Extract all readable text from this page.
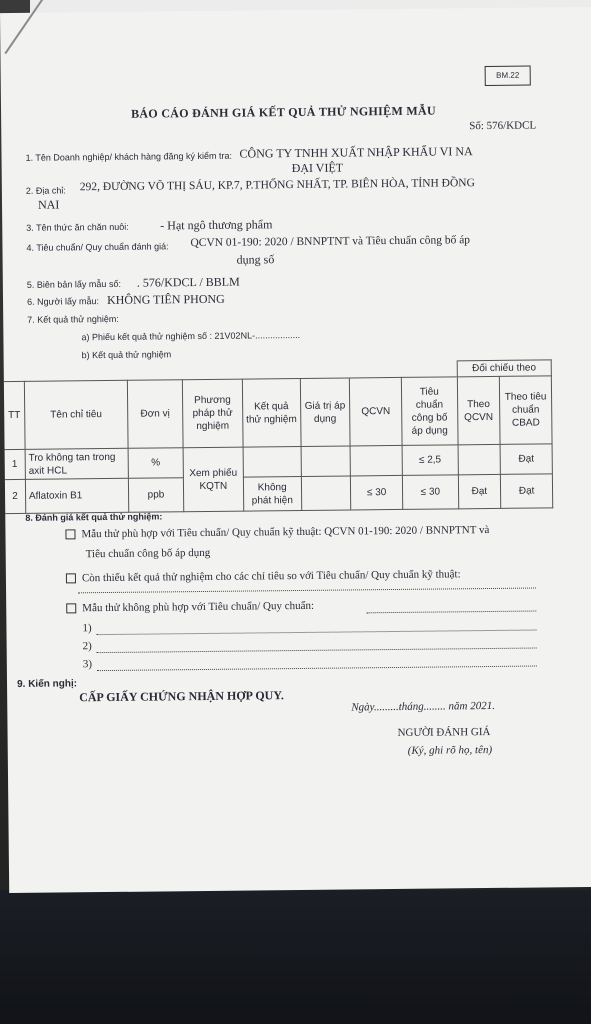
BM.22
BÁO CÁO ĐÁNH GIÁ KẾT QUẢ THỬ NGHIỆM MẪU
Số: 576/KDCL
1. Tên Doanh nghiệp/ khách hàng đăng ký kiểm tra: CÔNG TY TNHH XUẤT NHẬP KHẨU VI NA
ĐẠI VIỆT
2. Địa chỉ: 292, ĐƯỜNG VÕ THỊ SÁU, KP.7, P.THỐNG NHẤT, TP. BIÊN HÒA, TỈNH ĐỒNG
NAI
3. Tên thức ăn chăn nuôi:	- Hạt ngô thương phẩm
4. Tiêu chuẩn/ Quy chuẩn đánh giá: QCVN 01-190: 2020 / BNNPTNT và Tiêu chuẩn công bố áp
dụng số
5. Biên bản lấy mẫu số: . 576/KDCL / BBLM
6. Người lấy mẫu: KHÔNG TIÊN PHONG
7. Kết quả thử nghiệm:
a) Phiếu kết quả thử nghiệm số : 21V02NL-..................
b) Kết quả thử nghiệm
								Đối chiếu theo	
TT	Tên chỉ tiêu	Đơn vị	Phương pháp thử nghiệm	Kết quả thử nghiệm	Giá trị áp dụng	QCVN	Tiêu chuẩn công bố áp dụng	Theo QCVN	Theo tiêu chuẩn CBAD
1	Tro không tan trong axit HCL	%	Xem phiếu KQTN				≤ 2,5		Đạt
2	Aflatoxin B1	ppb		Không phát hiện		≤ 30	≤ 30	Đạt	Đạt
8. Đánh giá kết quả thử nghiệm:
Mẫu thử phù hợp với Tiêu chuẩn/ Quy chuẩn kỹ thuật: QCVN 01-190: 2020 / BNNPTNT và
Tiêu chuẩn công bố áp dụng
Còn thiếu kết quả thử nghiệm cho các chỉ tiêu so với Tiêu chuẩn/ Quy chuẩn kỹ thuật:
Mẫu thử không phù hợp với Tiêu chuẩn/ Quy chuẩn:
1)
2)
3)
9. Kiến nghị:
CẤP GIẤY CHỨNG NHẬN HỢP QUY.
Ngày.........tháng........ năm 2021.
NGƯỜI ĐÁNH GIÁ
(Ký, ghi rõ họ, tên)
